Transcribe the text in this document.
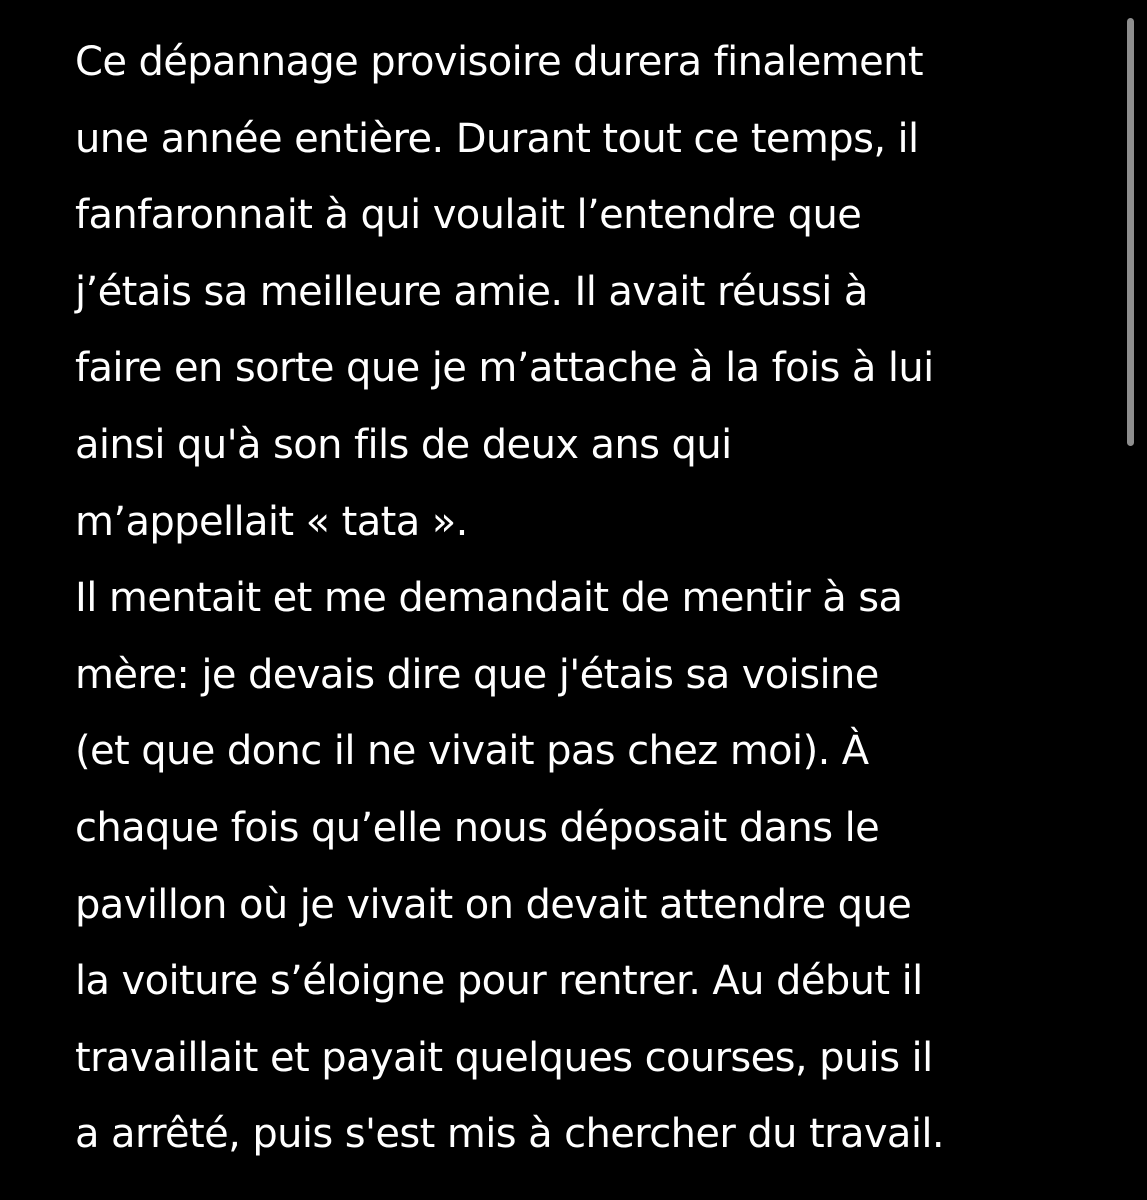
Ce dépannage provisoire durera finalement
une année entière. Durant tout ce temps, il
fanfaronnait à qui voulait l’entendre que
j’étais sa meilleure amie. Il avait réussi à
faire en sorte que je m’attache à la fois à lui
ainsi qu'à son fils de deux ans qui
m’appellait « tata ».
Il mentait et me demandait de mentir à sa
mère: je devais dire que j'étais sa voisine
(et que donc il ne vivait pas chez moi). À
chaque fois qu’elle nous déposait dans le
pavillon où je vivait on devait attendre que
la voiture s’éloigne pour rentrer. Au début il
travaillait et payait quelques courses, puis il
a arrêté, puis s'est mis à chercher du travail.
